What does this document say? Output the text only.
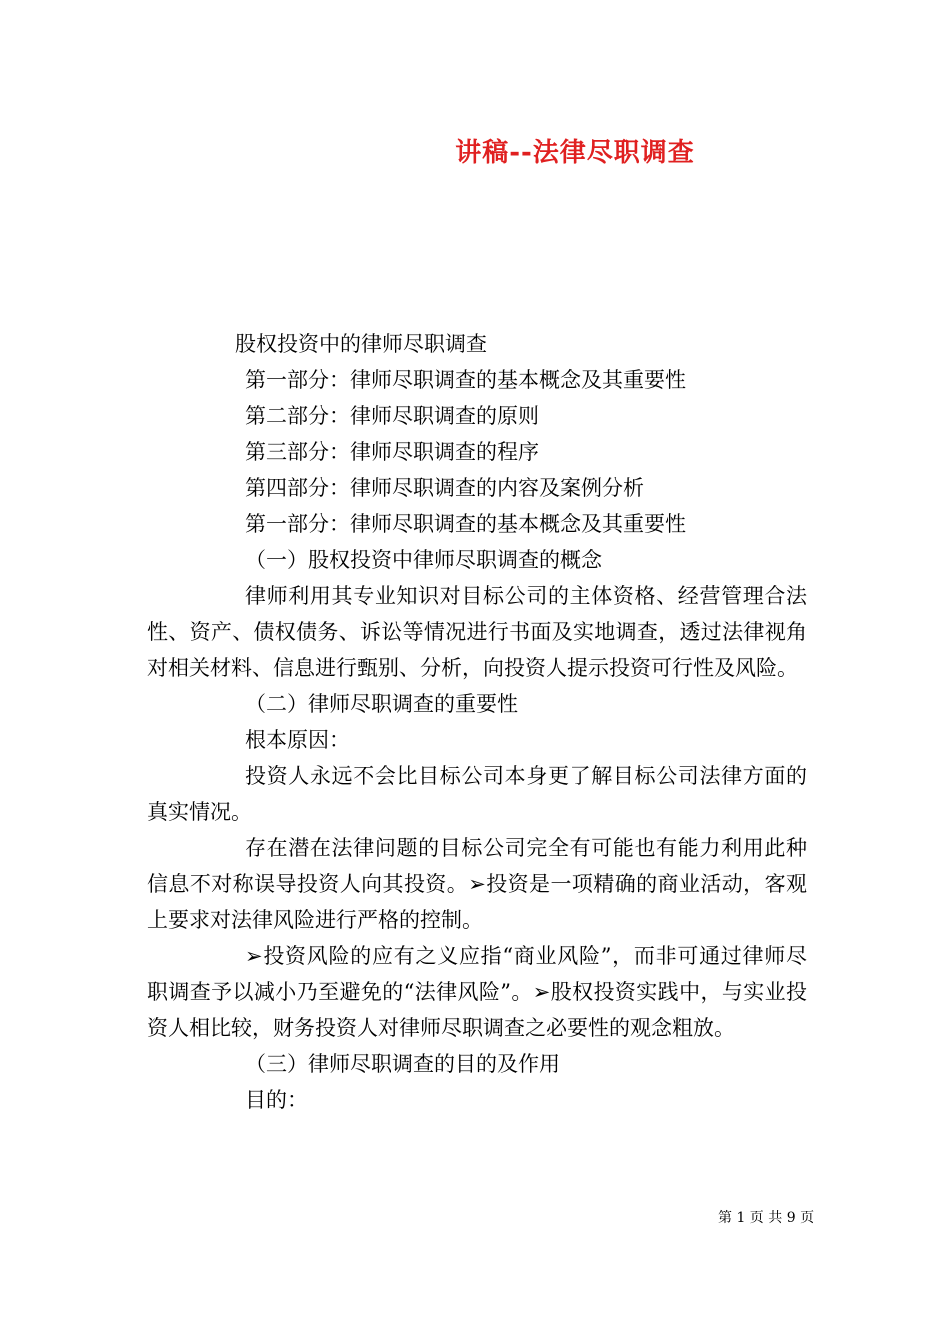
讲稿--法律尽职调查

股权投资中的律师尽职调查

第一部分：律师尽职调查的基本概念及其重要性

第二部分：律师尽职调查的原则

第三部分：律师尽职调查的程序

第四部分：律师尽职调查的内容及案例分析

第一部分：律师尽职调查的基本概念及其重要性

（一）股权投资中律师尽职调查的概念

律师利用其专业知识对目标公司的主体资格、经营管理合法性、资产、债权债务、诉讼等情况进行书面及实地调查，透过法律视角对相关材料、信息进行甄别、分析，向投资人提示投资可行性及风险。

（二）律师尽职调查的重要性

根本原因：

投资人永远不会比目标公司本身更了解目标公司法律方面的真实情况。

存在潜在法律问题的目标公司完全有可能也有能力利用此种信息不对称误导投资人向其投资。➢投资是一项精确的商业活动，客观上要求对法律风险进行严格的控制。

➢投资风险的应有之义应指“商业风险”，而非可通过律师尽职调查予以减小乃至避免的“法律风险”。➢股权投资实践中，与实业投资人相比较，财务投资人对律师尽职调查之必要性的观念粗放。

（三）律师尽职调查的目的及作用

目的：

第 1 页 共 9 页
